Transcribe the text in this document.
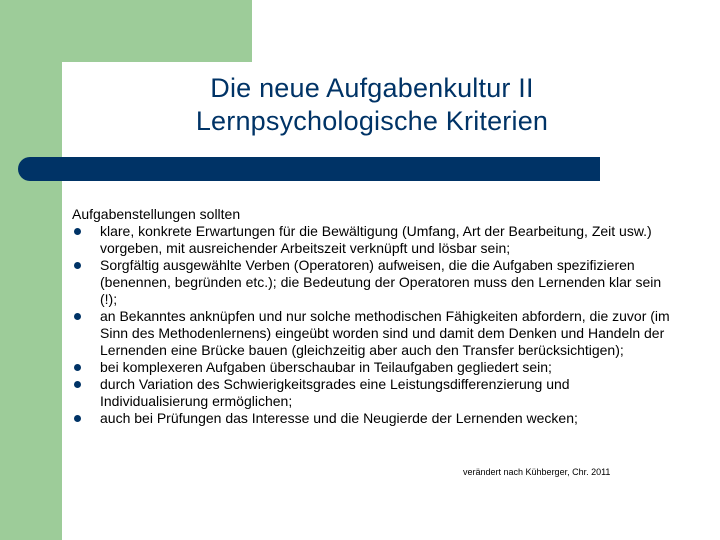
Die neue Aufgabenkultur II
Lernpsychologische Kriterien
Aufgabenstellungen sollten
klare, konkrete Erwartungen für die Bewältigung (Umfang, Art der Bearbeitung, Zeit usw.) vorgeben, mit ausreichender Arbeitszeit verknüpft und lösbar sein;
Sorgfältig ausgewählte Verben (Operatoren) aufweisen, die die Aufgaben spezifizieren (benennen, begründen etc.); die Bedeutung der Operatoren muss den Lernenden klar sein (!);
an Bekanntes anknüpfen und nur solche methodischen Fähigkeiten abfordern, die zuvor (im Sinn des Methodenlernens) eingeübt worden sind und damit dem Denken und Handeln der Lernenden eine Brücke bauen (gleichzeitig aber auch den Transfer berücksichtigen);
bei komplexeren Aufgaben überschaubar in Teilaufgaben gegliedert sein;
durch Variation des Schwierigkeitsgrades eine Leistungsdifferenzierung und Individualisierung ermöglichen;
auch bei Prüfungen das Interesse und die Neugierde der Lernenden wecken;
verändert nach Kühberger, Chr. 2011
